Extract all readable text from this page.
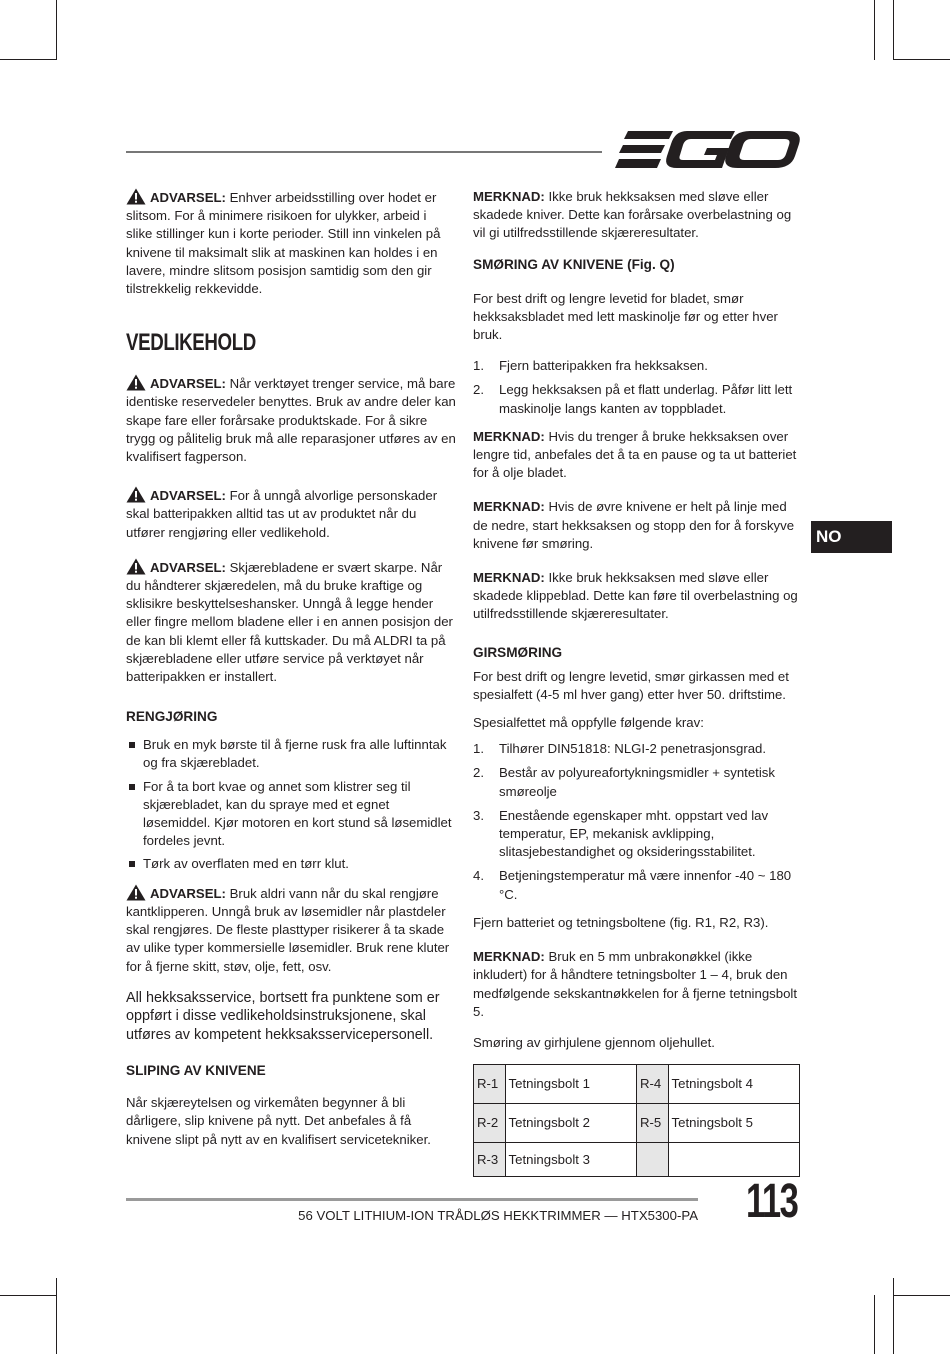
NO

ADVARSEL: Enhver arbeidsstilling over hodet er slitsom. For å minimere risikoen for ulykker, arbeid i slike stillinger kun i korte perioder. Still inn vinkelen på knivene til maksimalt slik at maskinen kan holdes i en lavere, mindre slitsom posisjon samtidig som den gir tilstrekkelig rekkevidde.

VEDLIKEHOLD

ADVARSEL: Når verktøyet trenger service, må bare identiske reservedeler benyttes. Bruk av andre deler kan skape fare eller forårsake produktskade. For å sikre trygg og pålitelig bruk må alle reparasjoner utføres av en kvalifisert fagperson.

ADVARSEL: For å unngå alvorlige personskader skal batteripakken alltid tas ut av produktet når du utfører rengjøring eller vedlikehold.

ADVARSEL: Skjærebladene er svært skarpe. Når du håndterer skjæredelen, må du bruke kraftige og sklisikre beskyttelseshansker. Unngå å legge hender eller fingre mellom bladene eller i en annen posisjon der de kan bli klemt eller få kuttskader. Du må ALDRI ta på skjærebladene eller utføre service på verktøyet når batteripakken er installert.

RENGJØRING
Bruk en myk børste til å fjerne rusk fra alle luftinntak og fra skjærebladet.
For å ta bort kvae og annet som klistrer seg til skjærebladet, kan du spraye med et egnet løsemiddel. Kjør motoren en kort stund så løsemidlet fordeles jevnt.
Tørk av overflaten med en tørr klut.

ADVARSEL: Bruk aldri vann når du skal rengjøre kantklipperen. Unngå bruk av løsemidler når plastdeler skal rengjøres. De fleste plasttyper risikerer å ta skade av ulike typer kommersielle løsemidler. Bruk rene kluter for å fjerne skitt, støv, olje, fett, osv.

All hekksaksservice, bortsett fra punktene som er oppført i disse vedlikeholdsinstruksjonene, skal utføres av kompetent hekksaksservicepersonell.

SLIPING AV KNIVENE

Når skjæreytelsen og virkemåten begynner å bli dårligere, slip knivene på nytt. Det anbefales å få knivene slipt på nytt av en kvalifisert servicetekniker.

MERKNAD: Ikke bruk hekksaksen med sløve eller skadede kniver. Dette kan forårsake overbelastning og vil gi utilfredsstillende skjæreresultater.

SMØRING AV KNIVENE (Fig. Q)

For best drift og lengre levetid for bladet, smør hekksaksbladet med lett maskinolje før og etter hver bruk.

1. Fjern batteripakken fra hekksaksen.
2. Legg hekksaksen på et flatt underlag. Påfør litt lett maskinolje langs kanten av toppbladet.

MERKNAD: Hvis du trenger å bruke hekksaksen over lengre tid, anbefales det å ta en pause og ta ut batteriet for å olje bladet.

MERKNAD: Hvis de øvre knivene er helt på linje med de nedre, start hekksaksen og stopp den for å forskyve knivene før smøring.

MERKNAD: Ikke bruk hekksaksen med sløve eller skadede klippeblad. Dette kan føre til overbelastning og utilfredsstillende skjæreresultater.

GIRSMØRING

For best drift og lengre levetid, smør girkassen med et spesialfett (4-5 ml hver gang) etter hver 50. driftstime.

Spesialfettet må oppfylle følgende krav:

1. Tilhører DIN51818: NLGI-2 penetrasjonsgrad.
2. Består av polyureafortykningsmidler + syntetisk smøreolje
3. Enestående egenskaper mht. oppstart ved lav temperatur, EP, mekanisk avklipping, slitasjebestandighet og oksideringsstabilitet.
4. Betjeningstemperatur må være innenfor -40 ~ 180 °C.

Fjern batteriet og tetningsboltene (fig. R1, R2, R3).

MERKNAD: Bruk en 5 mm unbrakonøkkel (ikke inkludert) for å håndtere tetningsbolter 1 – 4, bruk den medfølgende sekskantnøkkelen for å fjerne tetningsbolt 5.

Smøring av girhjulene gjennom oljehullet.

R-1	Tetningsbolt 1	R-4	Tetningsbolt 4
R-2	Tetningsbolt 2	R-5	Tetningsbolt 5
R-3	Tetningsbolt 3		
56 VOLT LITHIUM-ION TRÅDLØS HEKKTRIMMER — HTX5300-PA 113
